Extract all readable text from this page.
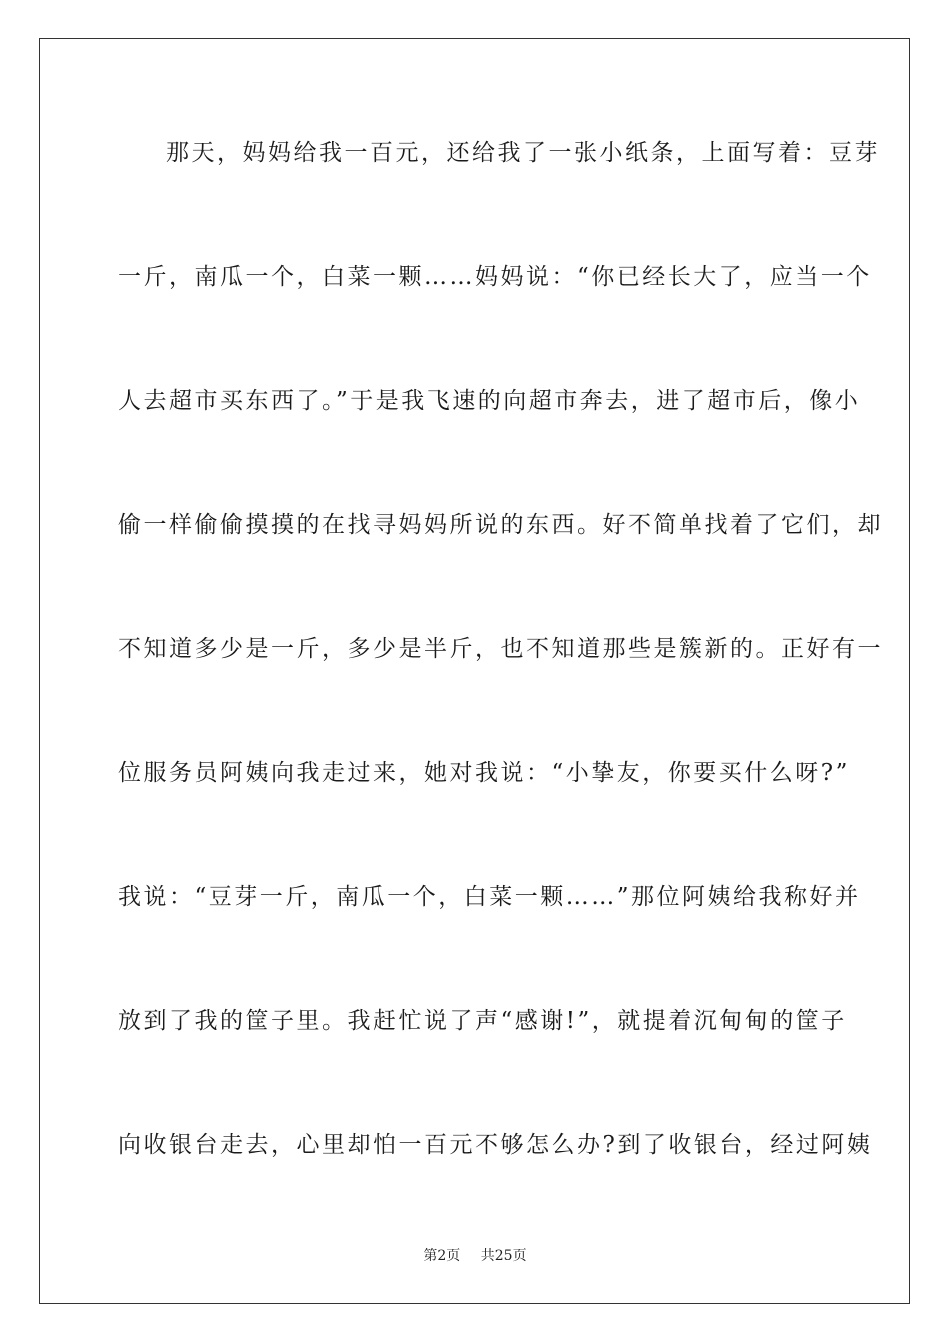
那天，妈妈给我一百元，还给我了一张小纸条，上面写着：豆芽
一斤，南瓜一个，白菜一颗……妈妈说：“你已经长大了，应当一个
人去超市买东西了。”于是我飞速的向超市奔去，进了超市后，像小
偷一样偷偷摸摸的在找寻妈妈所说的东西。好不简单找着了它们，却
不知道多少是一斤，多少是半斤，也不知道那些是簇新的。正好有一
位服务员阿姨向我走过来，她对我说：“小挚友，你要买什么呀?”
我说：“豆芽一斤，南瓜一个，白菜一颗……”那位阿姨给我称好并
放到了我的筐子里。我赶忙说了声“感谢!”，就提着沉甸甸的筐子
向收银台走去，心里却怕一百元不够怎么办?到了收银台，经过阿姨
第2页 共25页
